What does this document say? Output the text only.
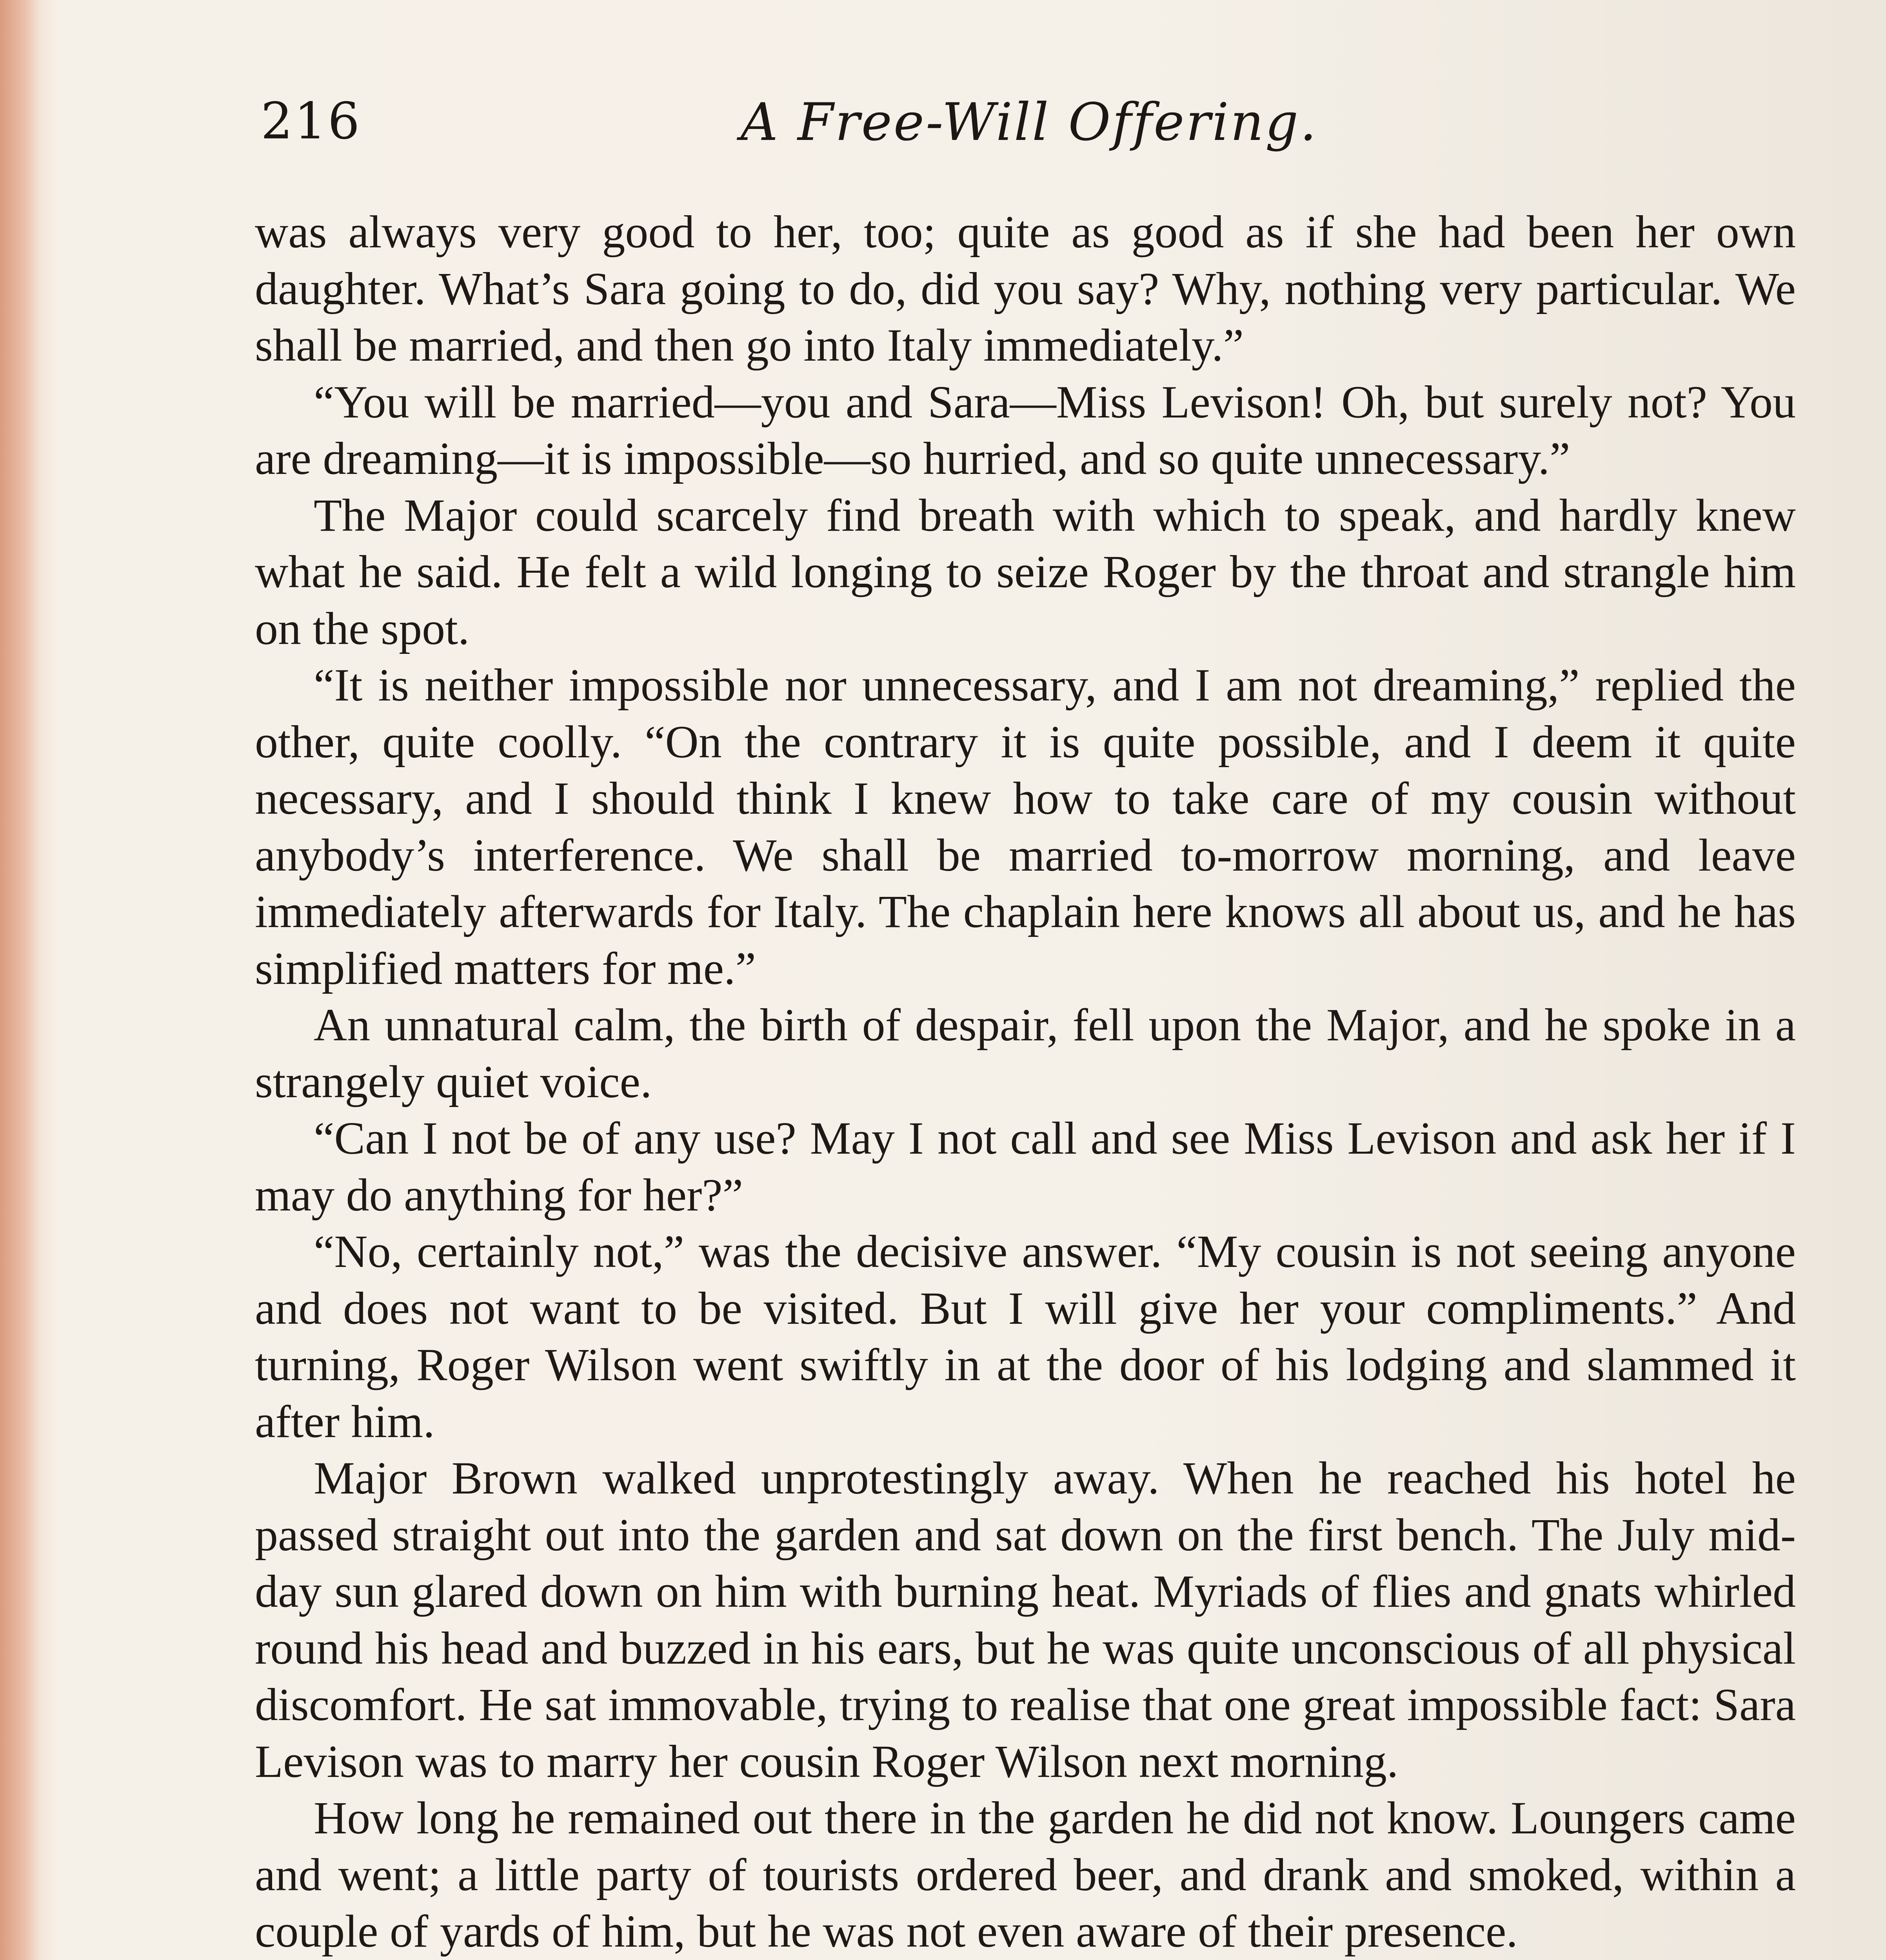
216	A Free-Will Offering.

was always very good to her, too; quite as good as if she had been her own daughter. What’s Sara going to do, did you say? Why, nothing very particular. We shall be married, and then go into Italy immediately.”

“You will be married—you and Sara—Miss Levison! Oh, but surely not? You are dreaming—it is impossible—so hurried, and so quite unnecessary.”

The Major could scarcely find breath with which to speak, and hardly knew what he said. He felt a wild longing to seize Roger by the throat and strangle him on the spot.

“It is neither impossible nor unnecessary, and I am not dreaming,” replied the other, quite coolly. “On the contrary it is quite possible, and I deem it quite necessary, and I should think I knew how to take care of my cousin without anybody’s interference. We shall be married to-morrow morning, and leave immediately afterwards for Italy. The chaplain here knows all about us, and he has simplified matters for me.”

An unnatural calm, the birth of despair, fell upon the Major, and he spoke in a strangely quiet voice.

“Can I not be of any use? May I not call and see Miss Levison and ask her if I may do anything for her?”

“No, certainly not,” was the decisive answer. “My cousin is not seeing anyone and does not want to be visited. But I will give her your compliments.” And turning, Roger Wilson went swiftly in at the door of his lodging and slammed it after him.

Major Brown walked unprotestingly away. When he reached his hotel he passed straight out into the garden and sat down on the first bench. The July mid-day sun glared down on him with burning heat. Myriads of flies and gnats whirled round his head and buzzed in his ears, but he was quite unconscious of all physical discomfort. He sat immovable, trying to realise that one great impossible fact: Sara Levison was to marry her cousin Roger Wilson next morning.

How long he remained out there in the garden he did not know. Loungers came and went; a little party of tourists ordered beer, and drank and smoked, within a couple of yards of him, but he was not even aware of their presence.
